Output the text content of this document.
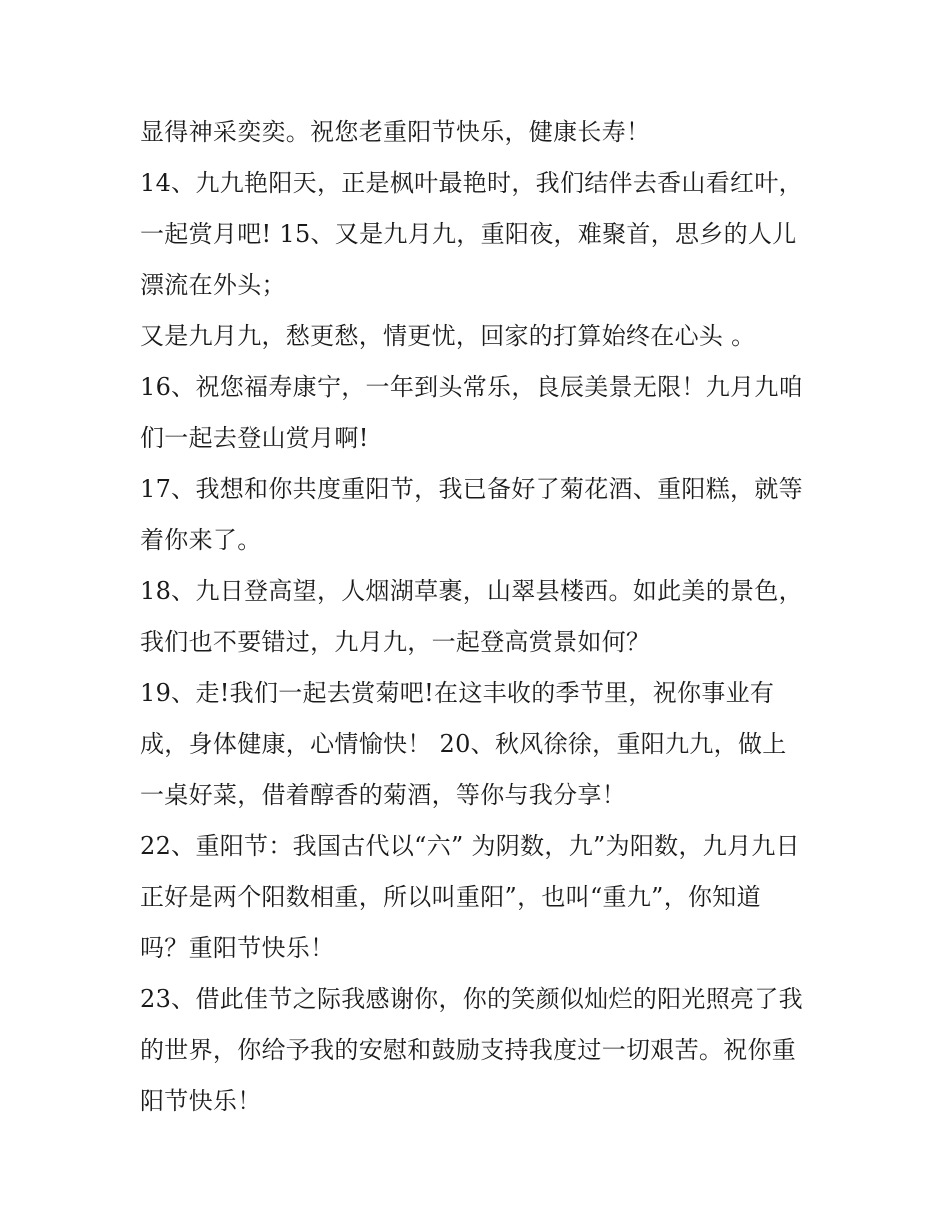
显得神采奕奕。祝您老重阳节快乐，健康长寿！
14、九九艳阳天，正是枫叶最艳时，我们结伴去香山看红叶，
一起赏月吧! 15、又是九月九，重阳夜，难聚首，思乡的人儿
漂流在外头；
又是九月九，愁更愁，情更忧，回家的打算始终在心头 。
16、祝您福寿康宁，一年到头常乐，良辰美景无限！九月九咱
们一起去登山赏月啊!
17、我想和你共度重阳节，我已备好了菊花酒、重阳糕，就等
着你来了。
18、九日登高望，人烟湖草裹，山翠县楼西。如此美的景色，
我们也不要错过，九月九，一起登高赏景如何？
19、走!我们一起去赏菊吧!在这丰收的季节里，祝你事业有
成，身体健康，心情愉快！ 20、秋风徐徐，重阳九九，做上
一桌好菜，借着醇香的菊酒，等你与我分享！
22、重阳节：我国古代以“六” 为阴数，九”为阳数，九月九日
正好是两个阳数相重，所以叫重阳”，也叫“重九”，你知道
吗？重阳节快乐！
23、借此佳节之际我感谢你，你的笑颜似灿烂的阳光照亮了我
的世界，你给予我的安慰和鼓励支持我度过一切艰苦。祝你重
阳节快乐！
